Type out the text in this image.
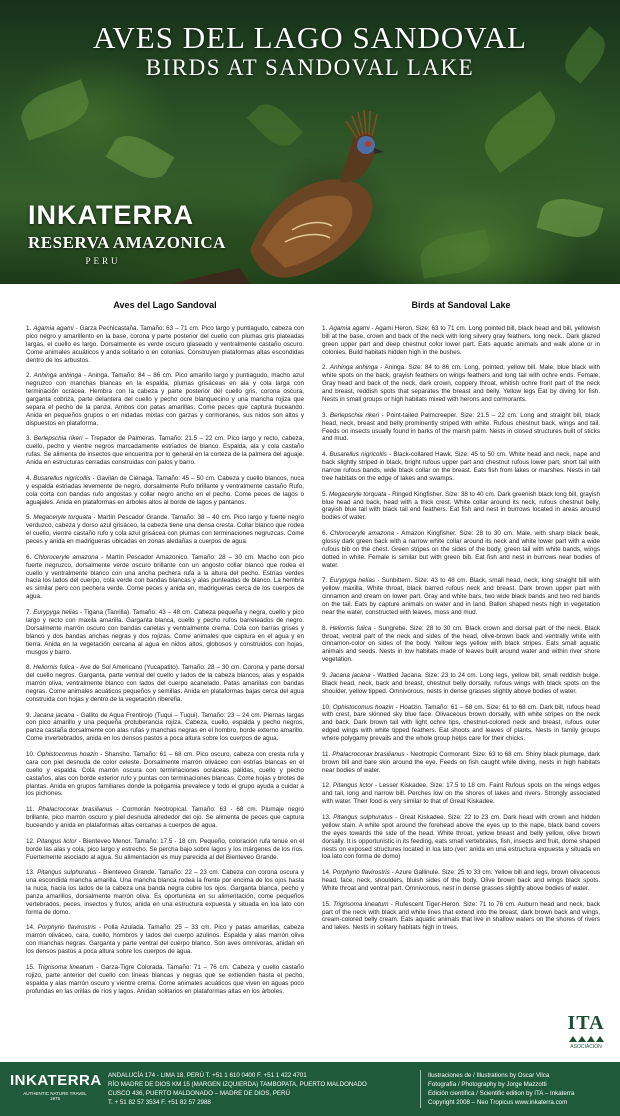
AVES DEL LAGO SANDOVAL
BIRDS AT SANDOVAL LAKE
INKATERRA
RESERVA AMAZONICA
PERU
Aves del Lago Sandoval

1. Agamia agami - Garza Pechicastaña. Tamaño: 63 – 71 cm. Pico largo y puntiagudo, cabeza con pico negro y amarillento en la base, corona y parte posterior del cuello con plumas gris plateadas largas, el cuello es largo. Dorsalmente es verde oscuro glaseado y ventralmente castaño oscuro. Come animales acuáticos y anda solitario o en colonias. Construyen plataformas altas escondidas dentro de los arbustos.

2. Anhinga anhinga - Aninga. Tamaño: 84 – 86 cm. Pico amarillo largo y puntiagudo, macho azul negruzco con manchas blancas en la espalda, plumas grisáceas en ala y cola larga con terminación ocrácea. Hembra con la cabeza y parte posterior del cuello gris, corona oscura, garganta cobriza, parte delantera del cuello y pecho ocre blanquecino y una mancha rojiza que separa el pecho de la panza. Ambos con patas amarillas. Come peces que captura buceando. Anida en pequeños grupos o en nidadas mixtas con garzas y cormoranes, sus nidos son altos y dispuestos en plataforma.

3. Berlepschia rikeri – Trepador de Palmeras. Tamaño: 21.5 – 22 cm. Pico largo y recto, cabeza, cuello, pecho y vientre negros marcadamente estriados de blanco. Espalda, ala y cola castaño rufas. Se alimenta de insectos que encuentra por lo general en la corteza de la palmera del aguaje. Anida en estructuras cerradas construidas con palos y barro.

4. Busarellus nigricollis - Gavilán de Ciénaga. Tamaño: 45 – 50 cm. Cabeza y cuello blancos, nuca y espalda estriadas levemente de negro, dorsalmente Rufo brillante y ventralmente castaño Rufo, cola corta con bandas rufo angostas y collar negro ancho en el pecho. Come peces de lagos o aguajales. Anida en plataformas en árboles altos al borde de lagos y pantanos.

5. Megaceryle torquata - Martín Pescador Grande. Tamaño: 38 – 40 cm. Pico largo y fuerte negro verduzco, cabeza y dorso azul grisáceo, la cabeza tiene una densa cresta. Collar blanco que rodea el cuello, vientre castaño rufo y cola azul grisácea con plumas con terminaciones negruzcas. Come peces y anida en madrigueras ubicadas en zonas aledañas a cuerpos de agua.

6. Chloroceryle amazona - Martín Pescador Amazonico. Tamaño: 28 – 30 cm. Macho con pico fuerte negruzco, dorsalmente verde oscuro brillante con un angosto collar blanco que rodea el cuello y ventralmente blanco con una ancha pechera rufa a la altura del pecho. Estrías verdes hacia los lados del cuerpo, cola verde con bandas blancas y alas punteadas de blanco. La hembra es similar pero con pechera verde. Come peces y anida en, madrigueras cerca de los cuerpos de agua.

7. Eurypyga helias - Tigana (Tanrilla). Tamaño: 43 – 48 cm. Cabeza pequeña y negra, cuello y pico largo y recto con maxila amarilla. Garganta blanca, cuello y pecho rufos barreteados de negro. Dorsalmente marrón oscuro con bandas canelas y ventralmente crema. Cola con barras grises y blanco y dos bandas anchas negras y dos rojizas. Come animales que captura en el agua y en tierra. Anida en la vegetación cercana al agua en nidos altos, globosos y construidos con hojas, musgos y barro.

8. Heliornis fulica - Ave de Sol Americano (Yucapatito). Tamaño: 28 – 30 cm. Corona y parte dorsal del cuello negros. Garganta, parte ventral del cuello y lados de la cabeza blancos, alas y espalda marrón oliva, ventralmente blanco con lados del cuerpo acanelado. Patas amarillas con bandas negras. Come animales acuáticos pequeños y semillas. Anida en plataformas bajas cerca del agua construida con hojas y dentro de la vegetación riberefia.

9. Jacana jacana - Gallito de Agua Frentirojo (Tuqui – Tuqui). Tamaño: 23 – 24 cm. Piernas largas con pico amarillo y una pequeña protuberancia rojiza. Cabeza, cuello, espalda y pecho negros, panza castaña dorsalmente con alas rufas y manchas negras en el hombro, borde externo amarillo. Come invertebrados, anida en los densos pastos a poca altura sobre los cuerpos de agua.

10. Ophistocomus hoazin - Shansho. Tamaño: 61 – 68 cm. Pico oscuro, cabeza con cresta rufa y cara con piel desnuda de color celeste. Dorsalmente marrón oliváceo con estrías blancas en el cuello y espalda. Cola marrón oscura con terminaciones ocráceas pálidas, cuello y pecho castaños, alas con borde exterior rufo y puntas con terminaciones blancas. Come hojas y brotes de plantas. Anida en grupos familiares donde la poligamia prevalece y todo el grupo ayuda a cuidar a los pichones.

11. Phalacrocorax brasilianus - Cormorán Neotropical. Tamaño: 63 - 68 cm. Plumaje negro brillante, pico marrón oscuro y piel desnuda alrededor del ojo. Se alimenta de peces que captura buceando y anida en plataformas altas cercanas a cuerpos de agua.

12. Pitangus lictor - Bienteveo Menor. Tamaño: 17.5 - 18 cm. Pequeño, coloración rufa tenue en el borde las alas y cola, pico largo y estrecho. Se percha bajo sobre lagos y los márgenes de los ríos. Fuertemente asociado al agua. Su alimentación es muy parecida al del Bienteveo Grande.

13. Pitangus sulphuratus - Bienteveo Grande. Tamaño: 22 – 23 cm. Cabeza con corona oscura y una escondida mancha amarilla. Una mancha blanca rodea la frente por encima de los ojos hasta la nuca, hacia los lados de la cabeza una banda negra cubre los ojos. Garganta blanca, pecho y panza amarillos, dorsalmente marrón oliva. Es oportunista en su alimentación, come pequeños vertebrados, peces, insectos y frutos, anida en una estructura expuesta y situada en loa lato con forma de domo.

14. Porphyrio flavirostris - Polla Azulada. Tamaño: 25 – 33 cm. Pico y patas amarillas, cabeza marrón oliváceo, cara, cuello, hombros y lados del cuerpo azulinos. Espalda y alas marrón oliva con manchas negras. Garganta y parte ventral del cuerpo blanco. Son aves omnívoras, anidan en los densos pastos a poca altura sobre los cuerpos de agua.

15. Trigrisoma lineatum - Garza-Tigre Colorada. Tamaño: 71 – 76 cm. Cabeza y cuello castaño rojizo, parte anterior del cuello con líneas blancas y negras que se extienden hasta el pecho, espalda y alas marrón oscuro y vientre crema. Come animales acuáticos que viven en aguas poco profundas en las orillas de ríos y lagos. Anidan solitarios en plataformas altas en los árboles.

Birds at Sandoval Lake

1. Agamia agami - Agami Heron. Size: 63 to 71 cm. Long pointed bill, black head and bill, yellowish bill at the base, crown and back of the neck with long silvery gray feathers, long neck.. Dark glazed green upper part and deep chestnut color lower part. Eats aquatic animals and walk alone or in colonies. Build habitats hidden high in the bushes.

2. Anhinga anhinga - Aninga. Size: 84 to 86 cm. Long, pointed, yellow bill. Male, blue black with white spots on the back, grayish feathers on wings feathers and long tail with ochre ends. Female, Gray head and back of the neck, dark crown, coppery throat, whitish ochre front part of the neck and breast, reddish spots that separates the breast and belly. Yellow legs Eat by diving for fish. Nests in small groups or high habitats mixed with herons and cormorants.

3. Berlepschia rikeri - Point-tailed Palmcreeper. Size: 21.5 – 22 cm. Long and straight bill, black head, neck, breast and belly prominently striped with white. Rufous chestnut back, wings and tail. Feeds on insects usually found in barks of the marsh palm. Nests in closed structures built of sticks and mud.

4. Busarellus nigricollis - Black-collared Hawk. Size: 45 to 50 cm. White head and neck, nape and back slightly striped in black, bright rufous upper part and chestnut rufous lower part, short tail with narrow rufous bands, wide black collar on the breast. Eats fish from lakes or marshes. Nests in tall tree habitats on the edge of lakes and swamps.

5. Megaceryle torquata - Ringed Kingfisher. Size: 38 to 40 cm. Dark greenish black long bill, grayish blue head and back, head with a thick crest. White collar around its neck, rufous chestnut belly, grayish blue tail with black tail end feathers. Eat fish and nest in burrows located in areas around bodies of water.

6. Chloroceryle amazona - Amazon Kingfisher. Size: 28 to 30 cm. Male, with sharp black beak, glossy dark green back with a narrow white collar around its neck and white lower part with a wide rufous bib on the chest. Green stripes on the sides of the body, green tail with white bands, wings dotted in white. Female is similar but with green bib. Eat fish and nest in burrows near bodies of water.

7. Eurypyga helias - Sunbittern. Size: 43 to 48 cm. Black, small head, neck, long straight bill with yellow maxilla. White throat, black barred rufous neck and breast. Dark brown upper part with cinnamon and cream on lower part. Gray and white bars, two wide black bands and two red bands on the tail. Eats by capture animals on water and in land. Ballon shaped nests high in vegetation near the water, constructed with leaves, moss and mud.

8. Heliornis fulica - Sungrebe. Size: 28 to 30 cm. Black crown and dorsal part of the neck. Black throat, ventral part of the neck and sides of the head, olive-brown back and ventrally white with cinnamon-color on sides of the body. Yellow legs yellow with black stripes. Eats small aquatic animals and seeds. Nests in low habitats made of leaves built around water and within river shore vegetation.

9. Jacana jacana - Wattled Jacana. Size: 23 to 24 cm. Long legs, yellow bill, small reddish bulge. Black head, neck, back and breast, chestnut belly dorsally, rufous wings with black spots on the shoulder, yellow tipped. Omnivorous, nests in dense grasses slightly above bodies of water.

10. Ophistocomus hoazin - Hoatzin. Tamaño: 61 – 68 cm. Size: 61 to 68 cm. Dark bill, rufous head with crest, bare skinned sky blue face. Olivaceous brown dorsally, with white stripes on the neck and back. Dark brown tail with light ochre tips, chestnut-colored neck and breast, rufous outer edged wings with white tipped feathers. Eat shoots and leaves of plants. Nests in family groups where polygamy prevails and the whole group helps care for their chicks.

11. Phalacrocorax brasilianus - Neotropic Cormorant. Size: 63 to 68 cm. Shiny black plumage, dark brown bill and bare skin around the eye. Feeds on fish caught while diving, nests in high habitats near bodies of water.

12. Pitangus lictor - Lesser Kiskadee. Size: 17.5 to 18 cm. Faint Rufous spots on the wings edges and tail, long and narrow bill. Perches low on the shores of lakes and rivers. Strongly associated with water. Their food is very similar to that of Great Kiskadee.

13. Pitangus sulphuratus - Great Kiskadee. Size: 22 to 23 cm. Dark head with crown and hidden yellow stain. A white spot around the forehead above the eyes up to the nape, black band covers the eyes towards the side of the head. White throat, yellow breast and belly yellow, olive brown dorsally. It is opportunistic in its feeding, eats small vertebrates, fish, insects and fruit, dome shaped nests on exposed structures located in loa lato (ver: anida en una estructura expuesta y situada en loa lato con forma de domo)

14. Porphyrio flavirostris - Azure Gallinule. Size: 25 to 33 cm. Yellow bill and legs, brown olivaceous head, face, neck, shoulders, bluish sides of the body. Olive brown back and wings black spots. White throat and ventral part. Omnivorous, nest in dense grasses slightly above bodies of water.

15. Trigrisoma lineatum - Rufescent Tiger-Heron. Size: 71 to 76 cm. Auburn head and neck, back part of the neck with black and white lines that extend into the breast, dark brown back and wings, cream-colored belly cream. Eats aquatic animals that live in shallow waters on the shores of rivers and lakes. Nests in solitary habitats high in trees.

ITA
ASOCIACIÓN
INKATERRA
AUTHENTIC NATURE TRAVEL
1975
ANDALUCÍA 174 - LIMA 18. PERÚ T. +51 1 610 0400 F. +51 1 422 4701
RÍO MADRE DE DIOS KM 15 (MARGEN IZQUIERDA) TAMBOPATA, PUERTO MALDONADO
CUSCO 436, PUERTO MALDONADO – MADRE DE DIOS, PERÚ
T. + 51 82 57 3534 F. +51 82 57 2988
Ilustraciones de / Illustrations by Oscar Vilca
Fotografía / Photography by Jorge Mazzotti
Edición científica / Scientific edition by ITA – Inkaterra
Copyright 2008 – Neo Tropicus www.inkaterra.com
